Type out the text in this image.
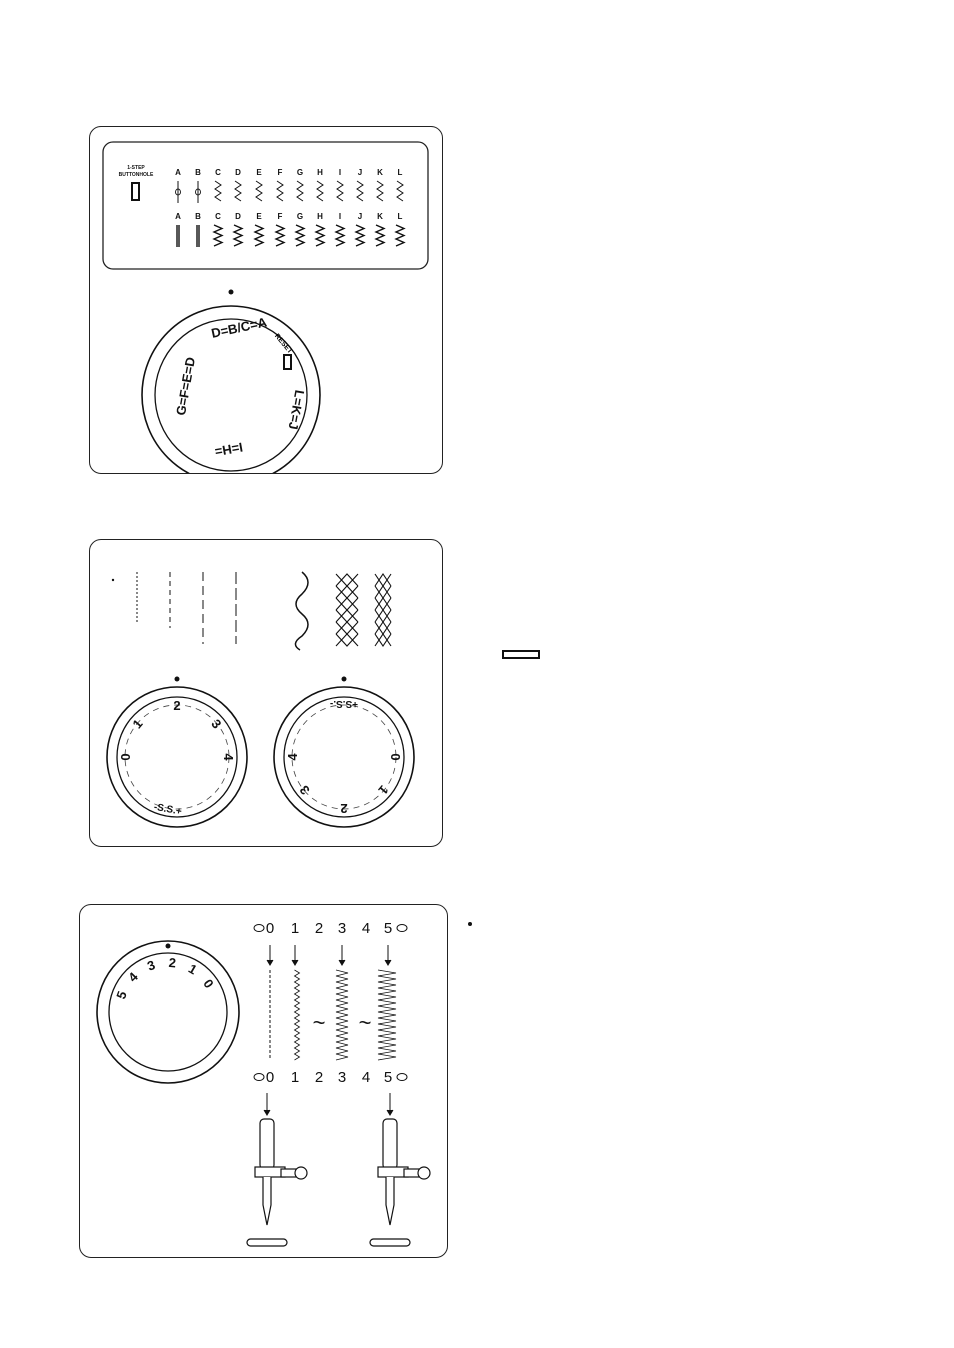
1-STEP
BUTTONHOLE	A B C D E F G H I J K L
A B C D E F G H I J K L
D=B/C=A
G=F=E=D
I=H=
L=K=J
RESET
0
1
2
3
4
-S.S.+
0
1
2
3
4
+S.S.-
5
4
3 2 1
0
0 1 2 3 4 5
~ ~
0 1 2 3 4 5
